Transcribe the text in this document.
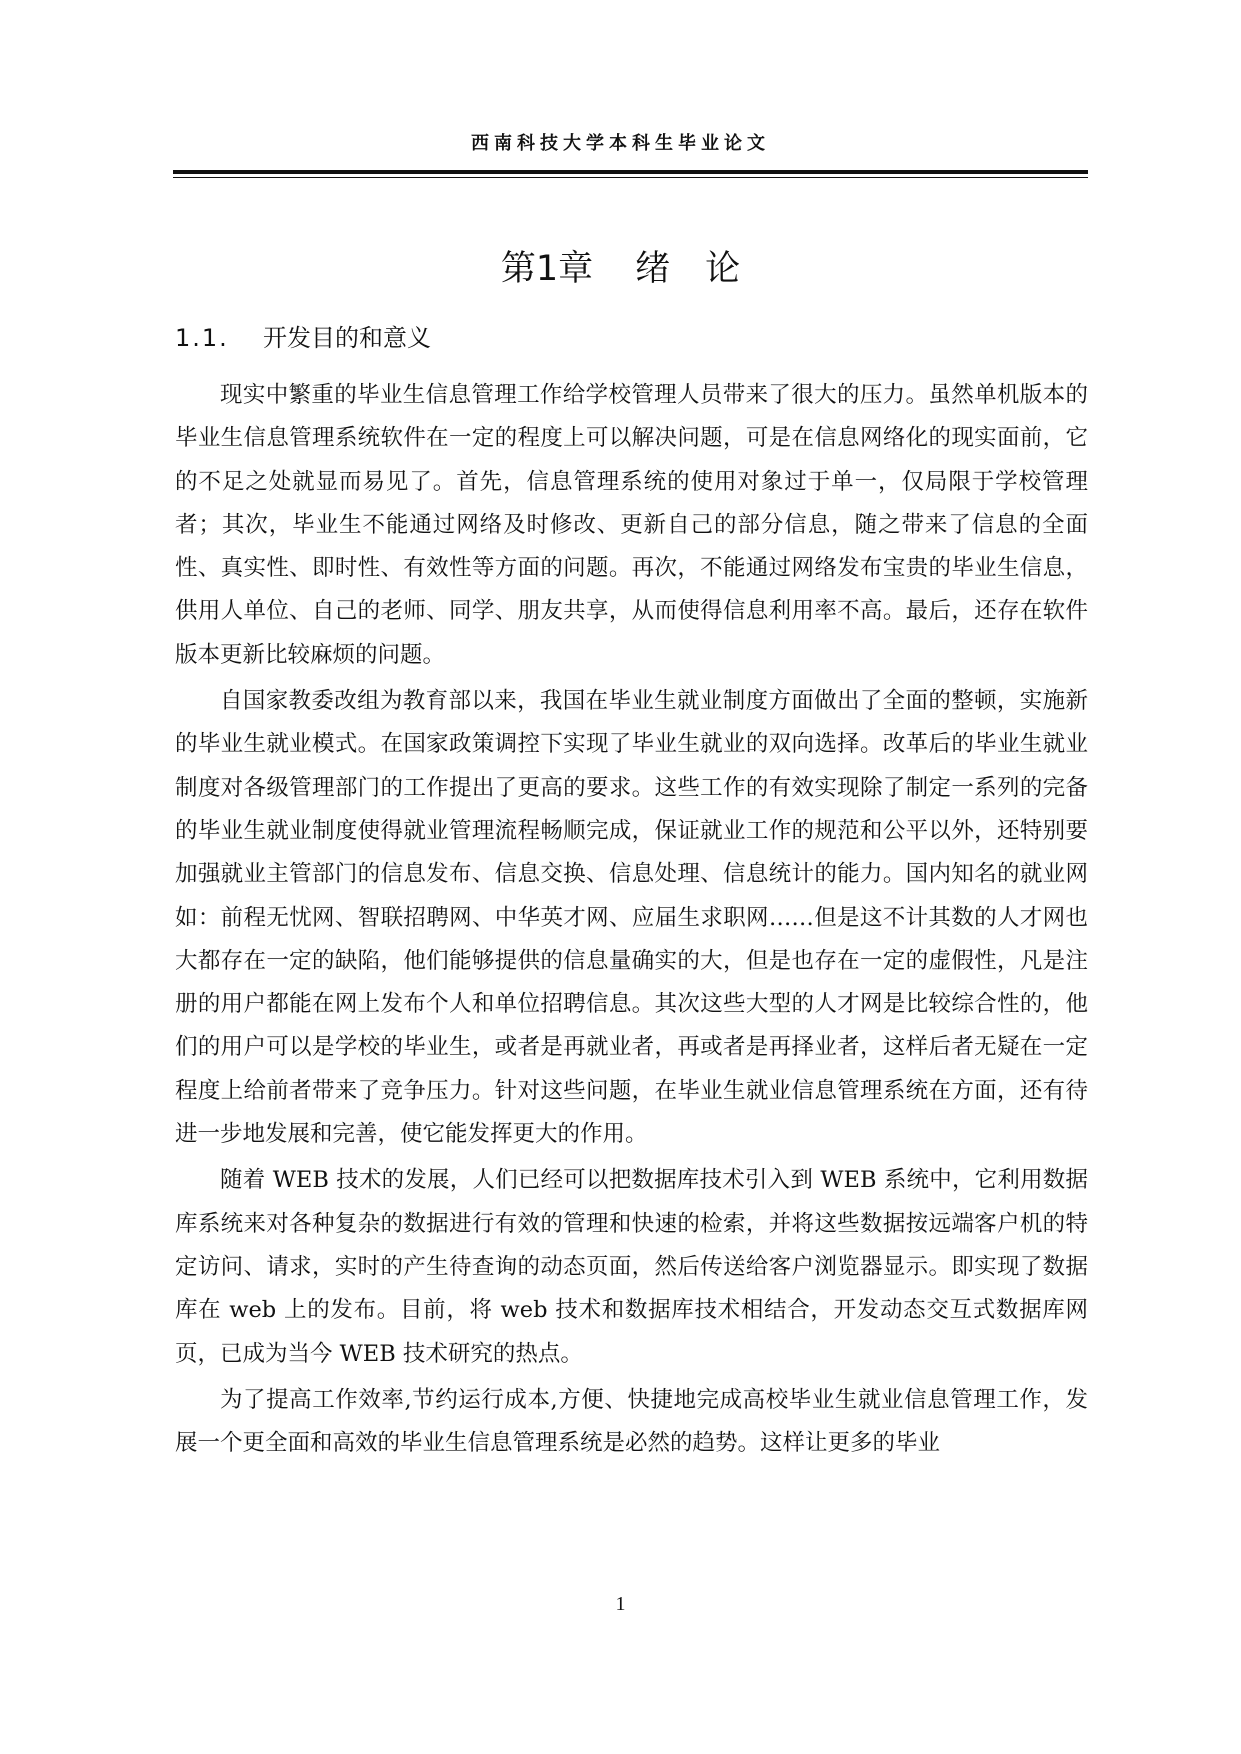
西南科技大学本科生毕业论文
第1章 绪　论
1.1. 开发目的和意义

现实中繁重的毕业生信息管理工作给学校管理人员带来了很大的压力。虽然单机版本的毕业生信息管理系统软件在一定的程度上可以解决问题，可是在信息网络化的现实面前，它的不足之处就显而易见了。首先，信息管理系统的使用对象过于单一，仅局限于学校管理者；其次，毕业生不能通过网络及时修改、更新自己的部分信息，随之带来了信息的全面性、真实性、即时性、有效性等方面的问题。再次，不能通过网络发布宝贵的毕业生信息，供用人单位、自己的老师、同学、朋友共享，从而使得信息利用率不高。最后，还存在软件版本更新比较麻烦的问题。

自国家教委改组为教育部以来，我国在毕业生就业制度方面做出了全面的整顿，实施新的毕业生就业模式。在国家政策调控下实现了毕业生就业的双向选择。改革后的毕业生就业制度对各级管理部门的工作提出了更高的要求。这些工作的有效实现除了制定一系列的完备的毕业生就业制度使得就业管理流程畅顺完成，保证就业工作的规范和公平以外，还特别要加强就业主管部门的信息发布、信息交换、信息处理、信息统计的能力。国内知名的就业网如：前程无忧网、智联招聘网、中华英才网、应届生求职网……但是这不计其数的人才网也大都存在一定的缺陷，他们能够提供的信息量确实的大，但是也存在一定的虚假性，凡是注册的用户都能在网上发布个人和单位招聘信息。其次这些大型的人才网是比较综合性的，他们的用户可以是学校的毕业生，或者是再就业者，再或者是再择业者，这样后者无疑在一定程度上给前者带来了竞争压力。针对这些问题，在毕业生就业信息管理系统在方面，还有待进一步地发展和完善，使它能发挥更大的作用。

随着 WEB 技术的发展，人们已经可以把数据库技术引入到 WEB 系统中，它利用数据库系统来对各种复杂的数据进行有效的管理和快速的检索，并将这些数据按远端客户机的特定访问、请求，实时的产生待查询的动态页面，然后传送给客户浏览器显示。即实现了数据库在 web 上的发布。目前，将 web 技术和数据库技术相结合，开发动态交互式数据库网页，已成为当今 WEB 技术研究的热点。

为了提高工作效率,节约运行成本,方便、快捷地完成高校毕业生就业信息管理工作，发展一个更全面和高效的毕业生信息管理系统是必然的趋势。这样让更多的毕业

1
